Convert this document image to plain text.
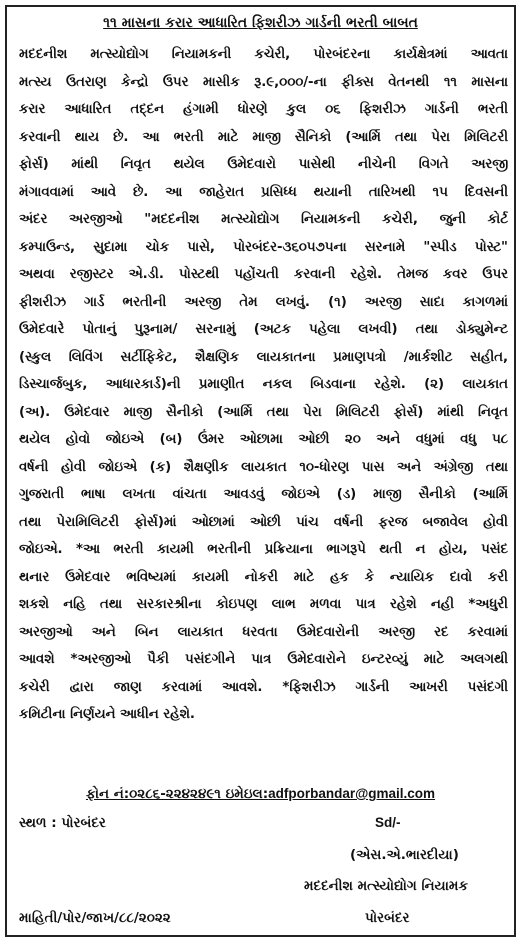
૧૧ માસના કરાર આધારિત ફિશરીઝ ગાર્ડની ભરતી બાબત
મદદનીશ મત્સ્યોદ્યોગ નિયામકની કચેરી, પોરબંદરના કાર્યક્ષેત્રમાં આવતા
મત્સ્ય ઉતરાણ કેન્દ્રો ઉપર માસીક રૂ.૯,૦૦૦/-ના ફીક્સ વેતનથી ૧૧ માસના
કરાર આધારિત તદ્દન હંગામી ધોરણે કુલ ૦૬ ફિશરીઝ ગાર્ડની ભરતી
કરવાની થાય છે. આ ભરતી માટે માજી સૈનિકો (આર્મિ તથા પેરા મિલિટરી
ફોર્સ) માંથી નિવૃત થયેલ ઉમેદવારો પાસેથી નીચેની વિગતે અરજી
મંગાવવામાં આવે છે. આ જાહેરાત પ્રસિધ્ધ થયાની તારિખથી ૧૫ દિવસની
અંદર અરજીઓ "મદદનીશ મત્સ્યોદ્યોગ નિયામકની કચેરી, જુની કોર્ટ
કમ્પાઉન્ડ, સુદામા ચોક પાસે, પોરબંદર-૩૬૦૫૭૫ના સરનામે "સ્પીડ પોસ્ટ"
અથવા રજીસ્ટર એ.ડી. પોસ્ટથી પહોંચતી કરવાની રહેશે. તેમજ કવર ઉપર
ફીશરીઝ ગાર્ડ ભરતીની અરજી તેમ લખવું. (૧) અરજી સાદા કાગળમાં
ઉમેદવારે પોતાનું પુરૂનામ/ સરનામું (અટક પહેલા લખવી) તથા ડોક્યુમેન્ટ
(સ્કુલ લિવિંગ સર્ટીફિકેટ, શૈક્ષણિક લાયકાતના પ્રમાણપત્રો /માર્કશીટ સહીત,
ડિસ્ચાર્જબુક, આધારકાર્ડ)ની પ્રમાણીત નકલ બિડવાના રહેશે. (૨) લાયકાત
(અ). ઉમેદવાર માજી સૈનીકો (આર્મિ તથા પેરા મિલિટરી ફોર્સ) માંથી નિવૃત
થયેલ હોવો જોઇએ (બ) ઉંમર ઓછામા ઓછી ૨૦ અને વધુમાં વધુ ૫૮
વર્ષની હોવી જોઇએ (ક) શૈક્ષણીક લાયકાત ૧૦-ધોરણ પાસ અને અંગ્રેજી તથા
ગુજરાતી ભાષા લખતા વાંચતા આવડવું જોઇએ (ડ) માજી સૈનીકો (આર્મિ
તથા પેરામિલિટરી ફોર્સ)માં ઓછામાં ઓછી પાંચ વર્ષની ફરજ બજાવેલ હોવી
જોઇએ. *આ ભરતી કાયમી ભરતીની પ્રક્રિયાના ભાગરૂપે થતી ન હોય, પસંદ
થનાર ઉમેદવાર ભવિષ્યમાં કાયમી નોકરી માટે હક કે ન્યાયિક દાવો કરી
શકશે નહિ તથા સરકારશ્રીના કોઇપણ લાભ મળવા પાત્ર રહેશે નહી *અધુરી
અરજીઓ અને બિન લાયકાત ધરવતા ઉમેદવારોની અરજી રદ કરવામાં
આવશે *અરજીઓ પૈકી પસંદગીને પાત્ર ઉમેદવારોને ઇન્ટરવ્યું માટે અલગથી
કચેરી દ્વારા જાણ કરવામાં આવશે. *ફિશરીઝ ગાર્ડની આખરી પસંદગી
કમિટીના નિર્ણયને આધીન રહેશે.
ફોન નં:૦૨૮૬-૨૨૪૨૪૯૧ ઇમેઇલ:adfporbandar@gmail.com
સ્થળ : પોરબંદર	Sd/-
(એસ.એ.ભારદીયા)
મદદનીશ મત્સ્યોદ્યોગ નિયામક
માહિતી/પોર/જાખ/૮૮/૨૦૨૨	પોરબંદર
